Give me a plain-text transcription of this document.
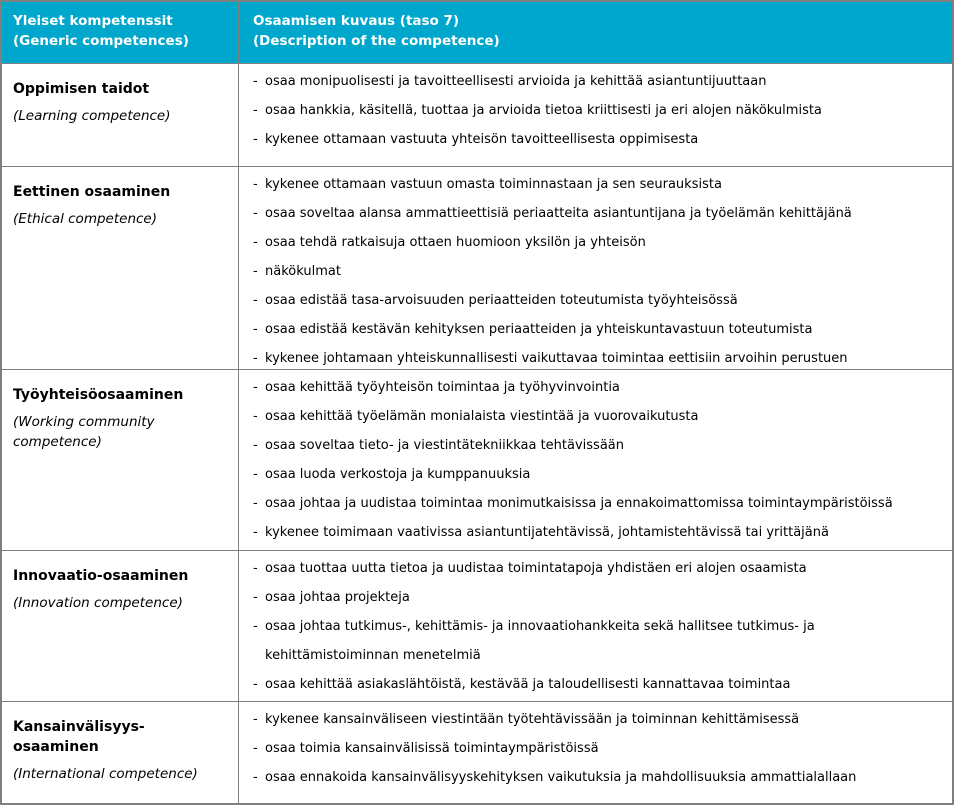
Yleiset kompetenssit
(Generic competences)
Osaamisen kuvaus (taso 7)
(Description of the competence)

Oppimisen taidot

(Learning competence)

- osaa monipuolisesti ja tavoitteellisesti arvioida ja kehittää asiantuntijuuttaan
- osaa hankkia, käsitellä, tuottaa ja arvioida tietoa kriittisesti ja eri alojen näkökulmista
- kykenee ottamaan vastuuta yhteisön tavoitteellisesta oppimisesta

Eettinen osaaminen

(Ethical competence)

- kykenee ottamaan vastuun omasta toiminnastaan ja sen seurauksista
- osaa soveltaa alansa ammattieettisiä periaatteita asiantuntijana ja työelämän kehittäjänä
- osaa tehdä ratkaisuja ottaen huomioon yksilön ja yhteisön
- näkökulmat
- osaa edistää tasa-arvoisuuden periaatteiden toteutumista työyhteisössä
- osaa edistää kestävän kehityksen periaatteiden ja yhteiskuntavastuun toteutumista
- kykenee johtamaan yhteiskunnallisesti vaikuttavaa toimintaa eettisiin arvoihin perustuen

Työyhteisöosaaminen

(Working community competence)

- osaa kehittää työyhteisön toimintaa ja työhyvinvointia
- osaa kehittää työelämän monialaista viestintää ja vuorovaikutusta
- osaa soveltaa tieto- ja viestintätekniikkaa tehtävissään
- osaa luoda verkostoja ja kumppanuuksia
- osaa johtaa ja uudistaa toimintaa monimutkaisissa ja ennakoimattomissa toimintaympäristöissä
- kykenee toimimaan vaativissa asiantuntijatehtävissä, johtamistehtävissä tai yrittäjänä

Innovaatio-osaaminen

(Innovation competence)

- osaa tuottaa uutta tietoa ja uudistaa toimintatapoja yhdistäen eri alojen osaamista
- osaa johtaa projekteja
- osaa johtaa tutkimus-, kehittämis- ja innovaatiohankkeita sekä hallitsee tutkimus- ja kehittämistoiminnan menetelmiä
- osaa kehittää asiakaslähtöistä, kestävää ja taloudellisesti kannattavaa toimintaa

Kansainvälisyys-osaaminen

(International competence)

- kykenee kansainväliseen viestintään työtehtävissään ja toiminnan kehittämisessä
- osaa toimia kansainvälisissä toimintaympäristöissä
- osaa ennakoida kansainvälisyyskehityksen vaikutuksia ja mahdollisuuksia ammattialallaan
